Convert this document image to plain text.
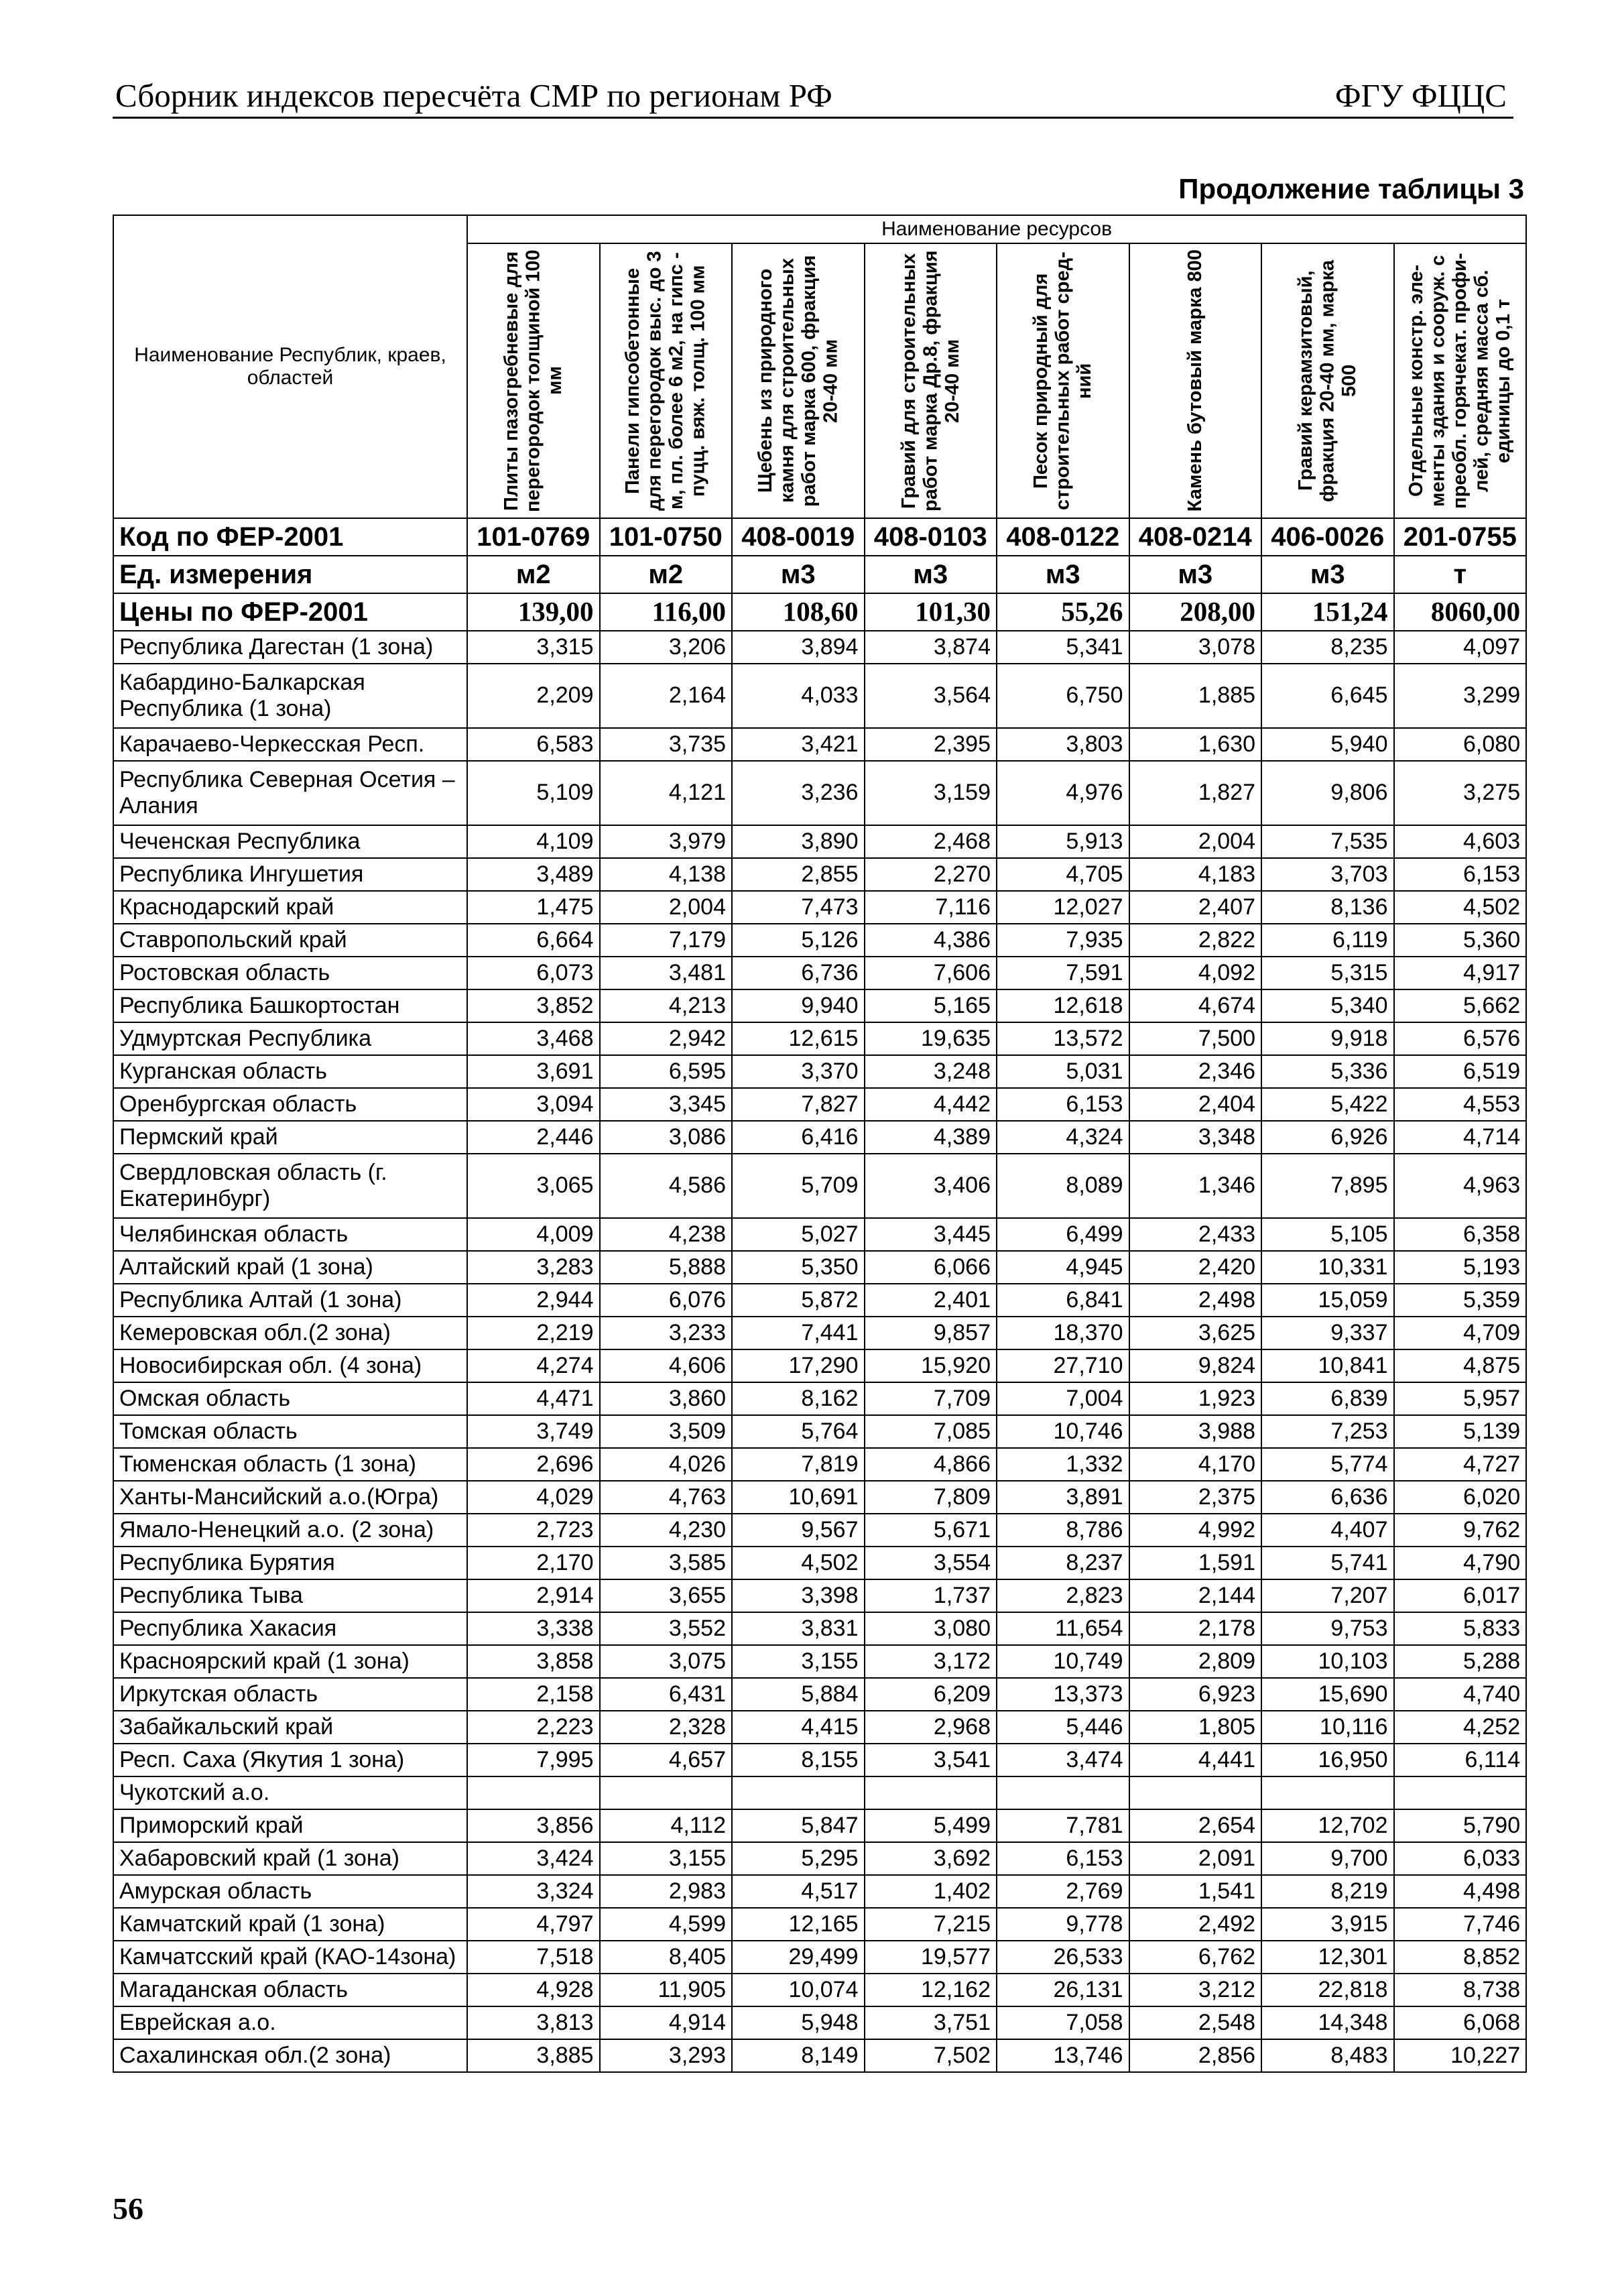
Сборник индексов пересчёта СМР по регионам РФ	ФГУ ФЦЦС
Продолжение таблицы 3
Наименование Республик, краев, областей	Наименование ресурсов							

	Плиты пазогребневые для перегородок толщиной 100 мм	Панели гипсобетонные для перегородок выс. до 3 м, пл. более 6 м2, на гипс - пуцц. вяж. толщ. 100 мм	Щебень из природного камня для строительных работ марка 600, фракция 20-40 мм	Гравий для строительных работ марка Др.8, фракция 20-40 мм	Песок природный для строительных работ сред-ний	Камень бутовый марка 800	Гравий керамзитовый, фракция 20-40 мм, марка 500	Отдельные констр. эле-менты здания и сооруж. с преобл. горячекат. профи-лей, средняя масса сб. единицы до 0,1 т

Код по ФЕР-2001	101-0769	101-0750	408-0019	408-0103	408-0122	408-0214	406-0026	201-0755
Ед. измерения	м2	м2	м3	м3	м3	м3	м3	т
Цены по ФЕР-2001	139,00	116,00	108,60	101,30	55,26	208,00	151,24	8060,00
Республика Дагестан (1 зона)	3,315	3,206	3,894	3,874	5,341	3,078	8,235	4,097
Кабардино-Балкарская Республика (1 зона)	2,209	2,164	4,033	3,564	6,750	1,885	6,645	3,299
Карачаево-Черкесская Респ.	6,583	3,735	3,421	2,395	3,803	1,630	5,940	6,080
Республика Северная Осетия – Алания	5,109	4,121	3,236	3,159	4,976	1,827	9,806	3,275
Чеченская Республика	4,109	3,979	3,890	2,468	5,913	2,004	7,535	4,603
Республика Ингушетия	3,489	4,138	2,855	2,270	4,705	4,183	3,703	6,153
Краснодарский край	1,475	2,004	7,473	7,116	12,027	2,407	8,136	4,502
Ставропольский край	6,664	7,179	5,126	4,386	7,935	2,822	6,119	5,360
Ростовская область	6,073	3,481	6,736	7,606	7,591	4,092	5,315	4,917
Республика Башкортостан	3,852	4,213	9,940	5,165	12,618	4,674	5,340	5,662
Удмуртская Республика	3,468	2,942	12,615	19,635	13,572	7,500	9,918	6,576
Курганская область	3,691	6,595	3,370	3,248	5,031	2,346	5,336	6,519
Оренбургская область	3,094	3,345	7,827	4,442	6,153	2,404	5,422	4,553
Пермский край	2,446	3,086	6,416	4,389	4,324	3,348	6,926	4,714
Свердловская область (г. Екатеринбург)	3,065	4,586	5,709	3,406	8,089	1,346	7,895	4,963
Челябинская область	4,009	4,238	5,027	3,445	6,499	2,433	5,105	6,358
Алтайский край (1 зона)	3,283	5,888	5,350	6,066	4,945	2,420	10,331	5,193
Республика Алтай (1 зона)	2,944	6,076	5,872	2,401	6,841	2,498	15,059	5,359
Кемеровская обл.(2 зона)	2,219	3,233	7,441	9,857	18,370	3,625	9,337	4,709
Новосибирская обл. (4 зона)	4,274	4,606	17,290	15,920	27,710	9,824	10,841	4,875
Омская область	4,471	3,860	8,162	7,709	7,004	1,923	6,839	5,957
Томская область	3,749	3,509	5,764	7,085	10,746	3,988	7,253	5,139
Тюменская область (1 зона)	2,696	4,026	7,819	4,866	1,332	4,170	5,774	4,727
Ханты-Мансийский а.о.(Югра)	4,029	4,763	10,691	7,809	3,891	2,375	6,636	6,020
Ямало-Ненецкий а.о. (2 зона)	2,723	4,230	9,567	5,671	8,786	4,992	4,407	9,762
Республика Бурятия	2,170	3,585	4,502	3,554	8,237	1,591	5,741	4,790
Республика Тыва	2,914	3,655	3,398	1,737	2,823	2,144	7,207	6,017
Республика Хакасия	3,338	3,552	3,831	3,080	11,654	2,178	9,753	5,833
Красноярский край (1 зона)	3,858	3,075	3,155	3,172	10,749	2,809	10,103	5,288
Иркутская область	2,158	6,431	5,884	6,209	13,373	6,923	15,690	4,740
Забайкальский край	2,223	2,328	4,415	2,968	5,446	1,805	10,116	4,252
Респ. Саха (Якутия 1 зона)	7,995	4,657	8,155	3,541	3,474	4,441	16,950	6,114
Чукотский а.о.								
Приморский край	3,856	4,112	5,847	5,499	7,781	2,654	12,702	5,790
Хабаровский край (1 зона)	3,424	3,155	5,295	3,692	6,153	2,091	9,700	6,033
Амурская область	3,324	2,983	4,517	1,402	2,769	1,541	8,219	4,498
Камчатский край (1 зона)	4,797	4,599	12,165	7,215	9,778	2,492	3,915	7,746
Камчатсский край (КАО-14зона)	7,518	8,405	29,499	19,577	26,533	6,762	12,301	8,852
Магаданская область	4,928	11,905	10,074	12,162	26,131	3,212	22,818	8,738
Еврейская а.о.	3,813	4,914	5,948	3,751	7,058	2,548	14,348	6,068
Сахалинская обл.(2 зона)	3,885	3,293	8,149	7,502	13,746	2,856	8,483	10,227
56
